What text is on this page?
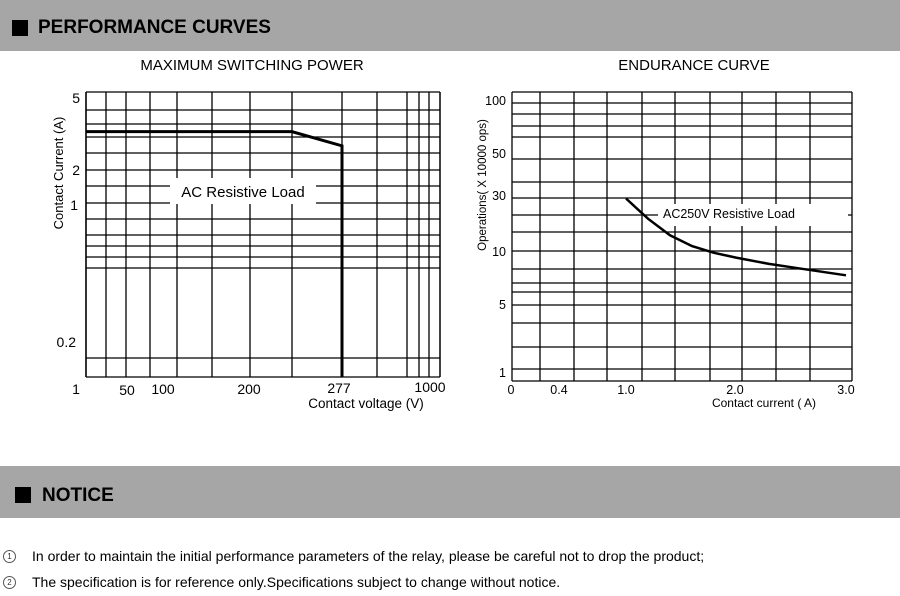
PERFORMANCE CURVES
MAXIMUM SWITCHING POWER
AC Resistive Load
5
2
1
0.2
1	50 100	200	277	1000
Contact voltage (V)
Contact Current (A)
ENDURANCE CURVE
AC250V Resistive Load
100
50
30
10
5
1
0	0.4	1.0	2.0	3.0
Contact current ( A)
Operations( X 10000 ops)
NOTICE
1	In order to maintain the initial performance parameters of the relay, please be careful not to drop the product;
2	The specification is for reference only.Specifications subject to change without notice.
